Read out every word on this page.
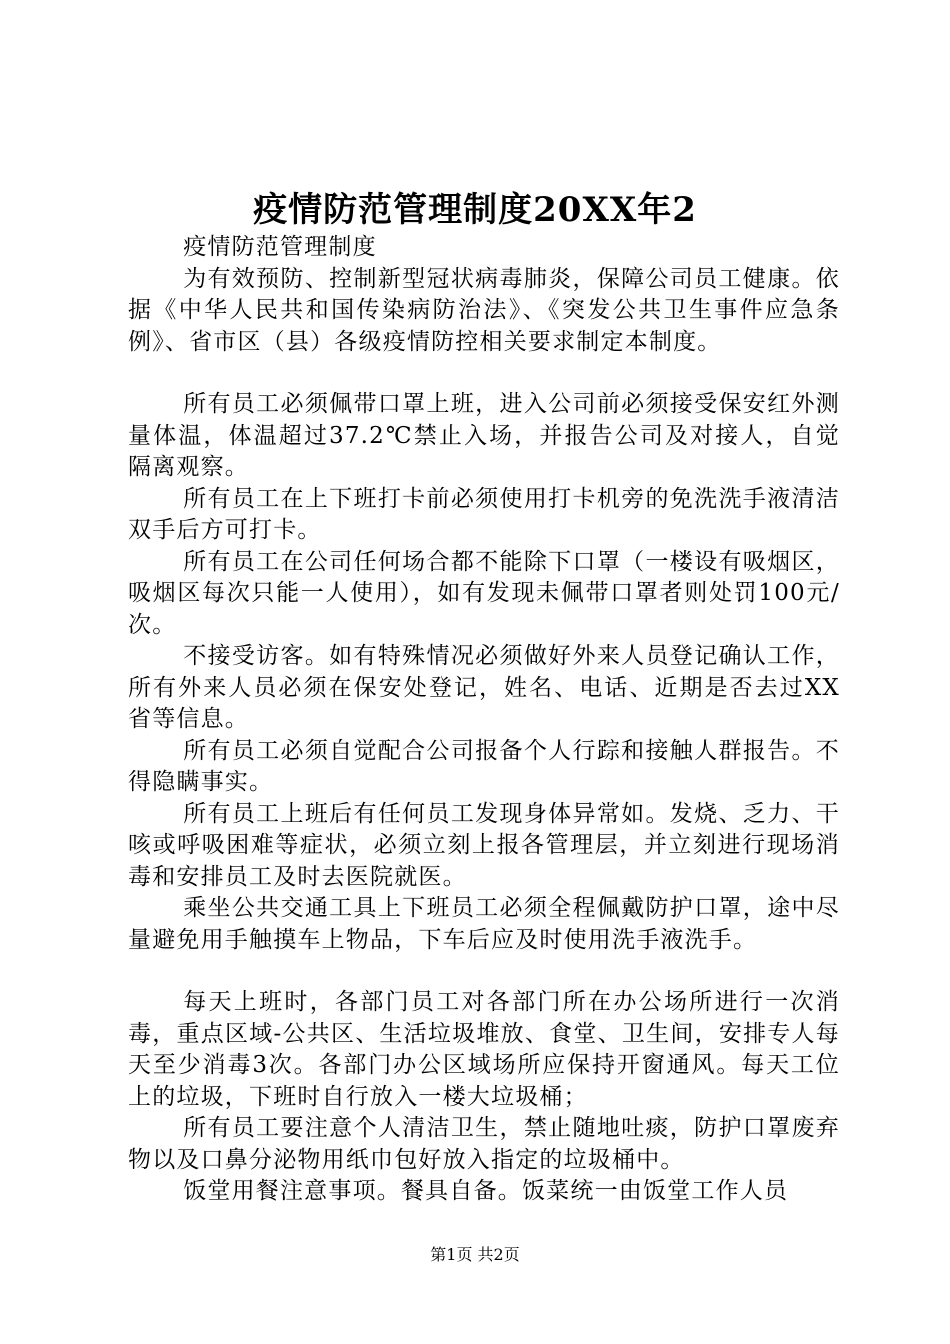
疫情防范管理制度20XX年2

疫情防范管理制度

为有效预防、控制新型冠状病毒肺炎，保障公司员工健康。依据《中华人民共和国传染病防治法》、《突发公共卫生事件应急条例》、省市区（县）各级疫情防控相关要求制定本制度。

所有员工必须佩带口罩上班，进入公司前必须接受保安红外测量体温，体温超过37.2℃禁止入场，并报告公司及对接人，自觉隔离观察。

所有员工在上下班打卡前必须使用打卡机旁的免洗洗手液清洁双手后方可打卡。

所有员工在公司任何场合都不能除下口罩（一楼设有吸烟区，吸烟区每次只能一人使用），如有发现未佩带口罩者则处罚100元/次。

不接受访客。如有特殊情况必须做好外来人员登记确认工作，所有外来人员必须在保安处登记，姓名、电话、近期是否去过XX省等信息。

所有员工必须自觉配合公司报备个人行踪和接触人群报告。不得隐瞒事实。

所有员工上班后有任何员工发现身体异常如。发烧、乏力、干咳或呼吸困难等症状，必须立刻上报各管理层，并立刻进行现场消毒和安排员工及时去医院就医。

乘坐公共交通工具上下班员工必须全程佩戴防护口罩，途中尽量避免用手触摸车上物品，下车后应及时使用洗手液洗手。

每天上班时，各部门员工对各部门所在办公场所进行一次消毒，重点区域-公共区、生活垃圾堆放、食堂、卫生间，安排专人每天至少消毒3次。各部门办公区域场所应保持开窗通风。每天工位上的垃圾，下班时自行放入一楼大垃圾桶；

所有员工要注意个人清洁卫生，禁止随地吐痰，防护口罩废弃物以及口鼻分泌物用纸巾包好放入指定的垃圾桶中。

饭堂用餐注意事项。餐具自备。饭菜统一由饭堂工作人员

第1页 共2页
